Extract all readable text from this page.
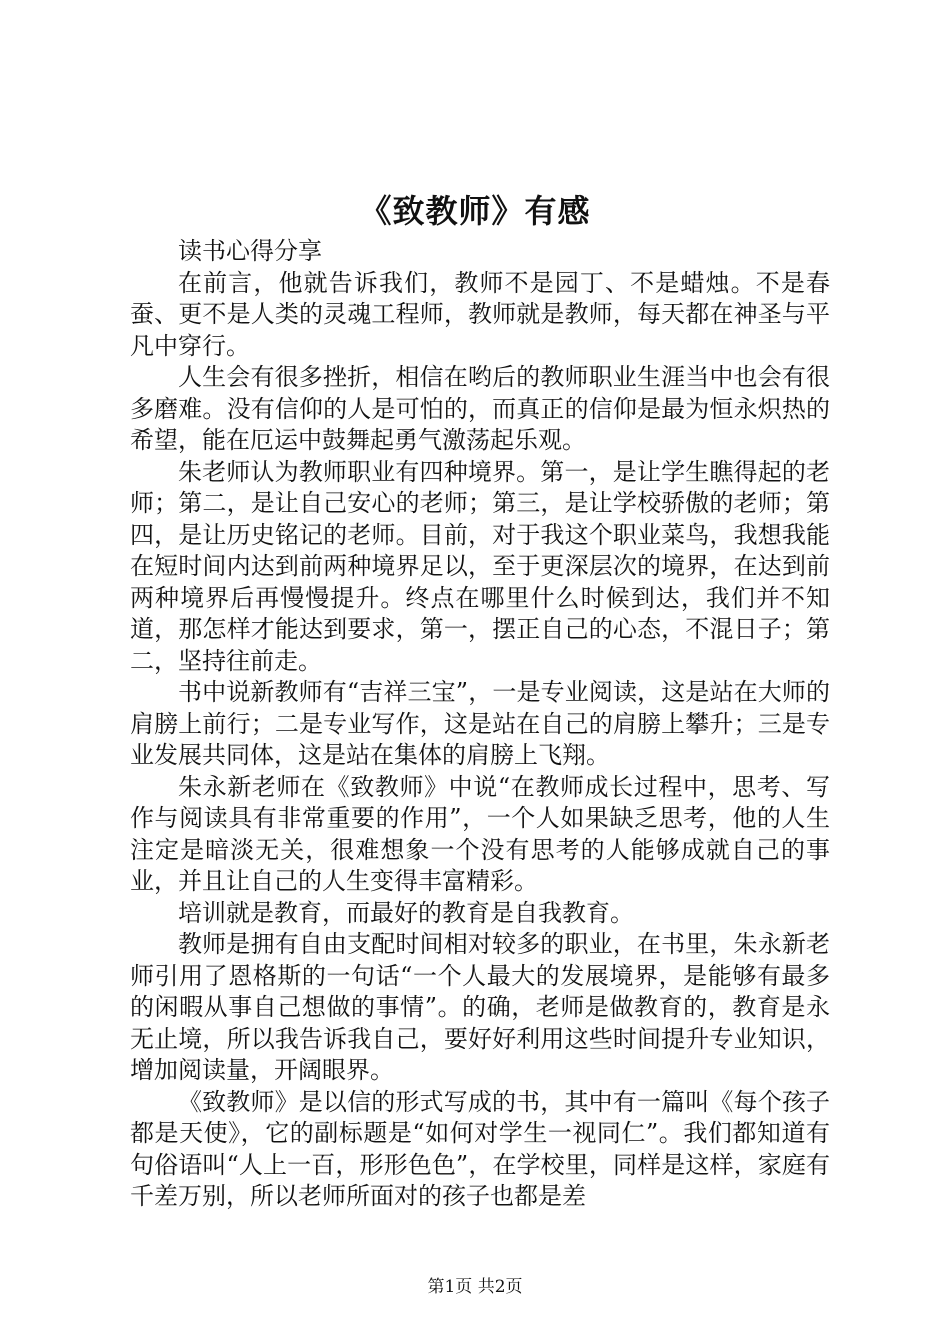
《致教师》有感

读书心得分享

在前言，他就告诉我们，教师不是园丁、不是蜡烛。不是春蚕、更不是人类的灵魂工程师，教师就是教师，每天都在神圣与平凡中穿行。

人生会有很多挫折，相信在哟后的教师职业生涯当中也会有很多磨难。没有信仰的人是可怕的，而真正的信仰是最为恒永炽热的希望，能在厄运中鼓舞起勇气激荡起乐观。

朱老师认为教师职业有四种境界。第一，是让学生瞧得起的老师；第二，是让自己安心的老师；第三，是让学校骄傲的老师；第四，是让历史铭记的老师。目前，对于我这个职业菜鸟，我想我能在短时间内达到前两种境界足以，至于更深层次的境界，在达到前两种境界后再慢慢提升。终点在哪里什么时候到达，我们并不知道，那怎样才能达到要求，第一，摆正自己的心态，不混日子；第二，坚持往前走。

书中说新教师有“吉祥三宝”，一是专业阅读，这是站在大师的肩膀上前行；二是专业写作，这是站在自己的肩膀上攀升；三是专业发展共同体，这是站在集体的肩膀上飞翔。

朱永新老师在《致教师》中说“在教师成长过程中，思考、写作与阅读具有非常重要的作用”，一个人如果缺乏思考，他的人生注定是暗淡无关，很难想象一个没有思考的人能够成就自己的事业，并且让自己的人生变得丰富精彩。

培训就是教育，而最好的教育是自我教育。

教师是拥有自由支配时间相对较多的职业，在书里，朱永新老师引用了恩格斯的一句话“一个人最大的发展境界，是能够有最多的闲暇从事自己想做的事情”。的确，老师是做教育的，教育是永无止境，所以我告诉我自己，要好好利用这些时间提升专业知识，增加阅读量，开阔眼界。

《致教师》是以信的形式写成的书，其中有一篇叫《每个孩子都是天使》，它的副标题是“如何对学生一视同仁”。我们都知道有句俗语叫“人上一百，形形色色”，在学校里，同样是这样，家庭有千差万别，所以老师所面对的孩子也都是差

第1页 共2页
